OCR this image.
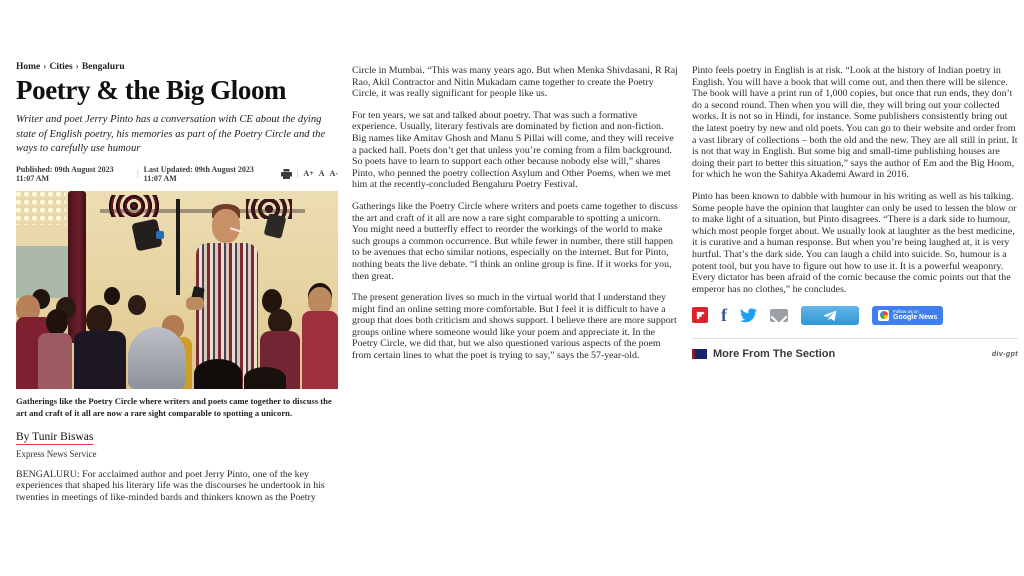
Home › Cities › Bengaluru
Poetry & the Big Gloom

Writer and poet Jerry Pinto has a conversation with CE about the dying state of English poetry, his memories as part of the Poetry Circle and the ways to carefully use humour

Published: 09th August 2023 11:07 AM	| Last Updated: 09th August 2023 11:07 AM	| A+ A A-

Gatherings like the Poetry Circle where writers and poets came together to discuss the art and craft of it all are now a rare sight comparable to spotting a unicorn.

By Tunir Biswas
Express News Service

BENGALURU: For acclaimed author and poet Jerry Pinto, one of the key experiences that shaped his literary life was the discourses he undertook in his twenties in meetings of like-minded bards and thinkers known as the Poetry

Circle in Mumbai. “This was many years ago. But when Menka Shivdasani, R Raj Rao, Akil Contractor and Nitin Mukadam came together to create the Poetry Circle, it was really significant for people like us.

For ten years, we sat and talked about poetry. That was such a formative experience. Usually, literary festivals are dominated by fiction and non-fiction. Big names like Amitav Ghosh and Manu S Pillai will come, and they will receive a packed hall. Poets don’t get that unless you’re coming from a film background. So poets have to learn to support each other because nobody else will,” shares Pinto, who penned the poetry collection Asylum and Other Poems, when we met him at the recently-concluded Bengaluru Poetry Festival.

Gatherings like the Poetry Circle where writers and poets came together to discuss the art and craft of it all are now a rare sight comparable to spotting a unicorn. You might need a butterfly effect to reorder the workings of the world to make such groups a common occurrence. But while fewer in number, there still happen to be avenues that echo similar notions, especially on the internet. But for Pinto, nothing beats the live debate. “I think an online group is fine. If it works for you, then great.

The present generation lives so much in the virtual world that I understand they might find an online setting more comfortable. But I feel it is difficult to have a group that does both criticism and shows support. I believe there are more support groups online where someone would like your poem and appreciate it. In the Poetry Circle, we did that, but we also questioned various aspects of the poem from certain lines to what the poet is trying to say,” says the 57-year-old.

Pinto feels poetry in English is at risk. “Look at the history of Indian poetry in English. You will have a book that will come out, and then there will be silence. The book will have a print run of 1,000 copies, but once that run ends, they don’t do a second round. Then when you will die, they will bring out your collected works. It is not so in Hindi, for instance. Some publishers consistently bring out the latest poetry by new and old poets. You can go to their website and order from a vast library of collections – both the old and the new. They are all still in print. It is not that way in English. But some big and small-time publishing houses are doing their part to better this situation,” says the author of Em and the Big Hoom, for which he won the Sahitya Akademi Award in 2016.

Pinto has been known to dabble with humour in his writing as well as his talking. Some people have the opinion that laughter can only be used to lessen the blow or to make light of a situation, but Pinto disagrees. “There is a dark side to humour, which most people forget about. We usually look at laughter as the best medicine, it is curative and a human response. But when you’re being laughed at, it is very hurtful. That’s the dark side. You can laugh a child into suicide. So, humour is a potent tool, but you have to figure out how to use it. It is a powerful weaponry. Every dictator has been afraid of the comic because the comic points out that the emperor has no clothes,” he concludes.

f
Follow us on
Google News
More From The Section	div-gpt
